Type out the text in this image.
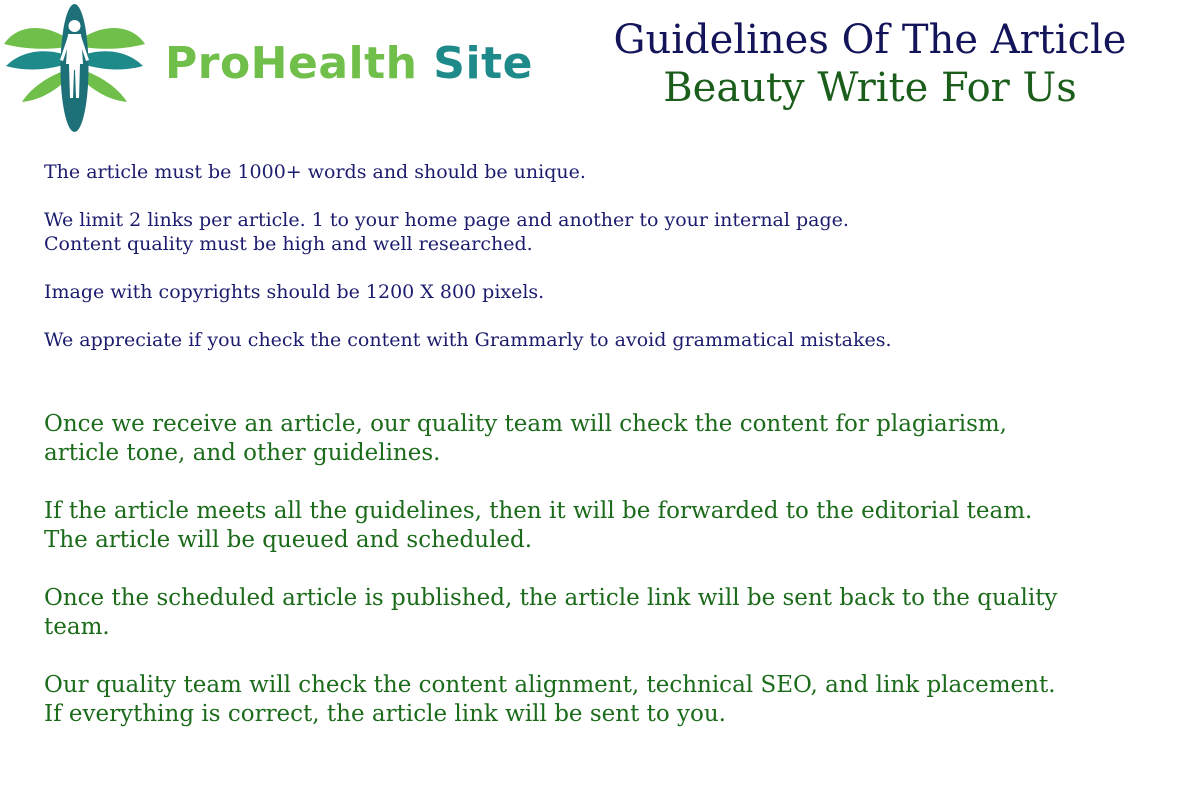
ProHealth Site	Guidelines Of The Article
Beauty Write For Us

The article must be 1000+ words and should be unique.

We limit 2 links per article. 1 to your home page and another to your internal page.
Content quality must be high and well researched.

Image with copyrights should be 1200 X 800 pixels.

We appreciate if you check the content with Grammarly to avoid grammatical mistakes.

Once we receive an article, our quality team will check the content for plagiarism,
article tone, and other guidelines.

If the article meets all the guidelines, then it will be forwarded to the editorial team.
The article will be queued and scheduled.

Once the scheduled article is published, the article link will be sent back to the quality
team.

Our quality team will check the content alignment, technical SEO, and link placement.
If everything is correct, the article link will be sent to you.
